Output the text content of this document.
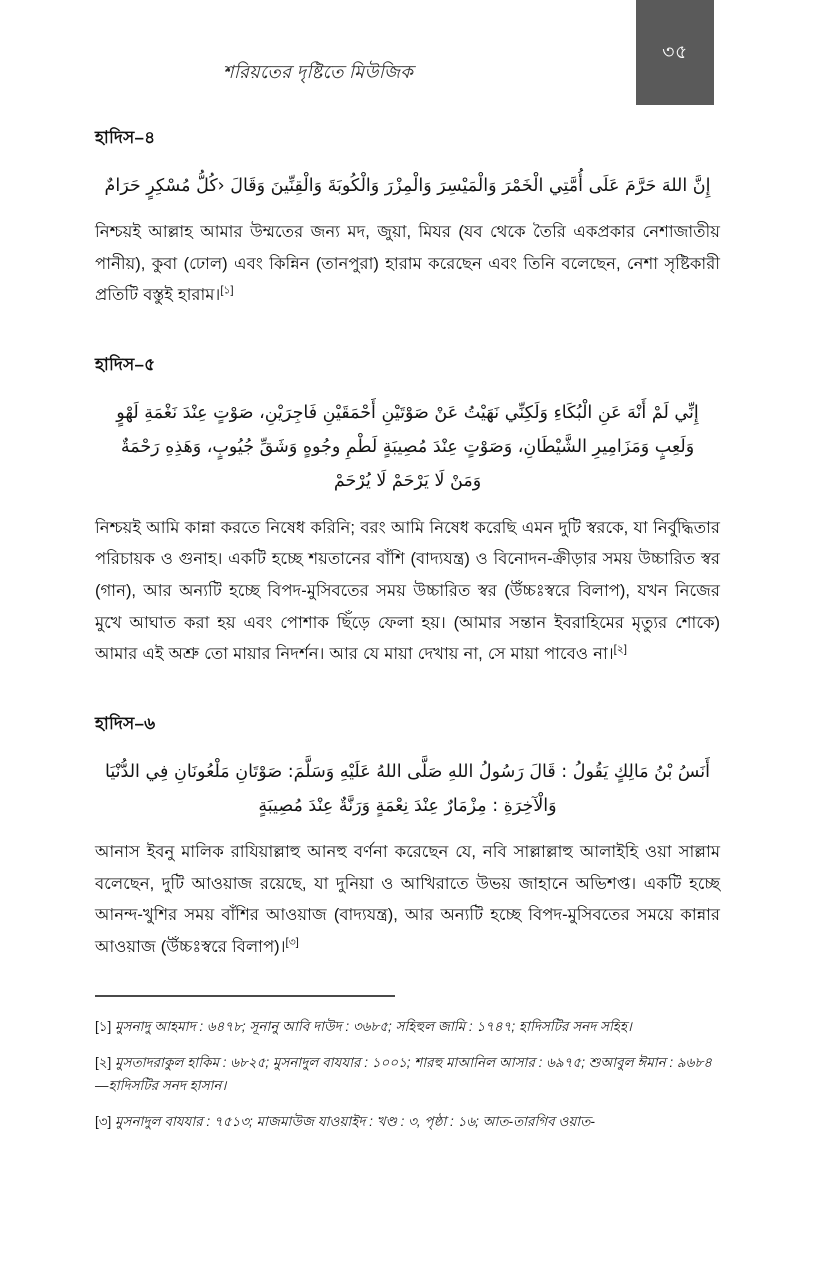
৩৫
শরিয়তের দৃষ্টিতে মিউজিক
হাদিস–৪
إِنَّ اللهَ حَرَّمَ عَلَى أُمَّتِي الْخَمْرَ وَالْمَيْسِرَ وَالْمِزْرَ وَالْكُوبَةَ وَالْقِنِّينَ وَقَالَ ‹كُلُّ مُسْكِرٍ حَرَامٌ

নিশ্চয়ই আল্লাহ আমার উম্মতের জন্য মদ, জুয়া, মিযর (যব থেকে তৈরি একপ্রকার নেশাজাতীয় পানীয়), কুবা (ঢোল) এবং কিন্নিন (তানপুরা) হারাম করেছেন এবং তিনি বলেছেন, নেশা সৃষ্টিকারী প্রতিটি বস্তুই হারাম।[১]

হাদিস–৫
إِنِّي لَمْ أَنْهَ عَنِ الْبُكَاءِ وَلَكِنِّي نَهَيْتُ عَنْ صَوْتَيْنِ أَحْمَقَيْنِ فَاجِرَيْنِ، صَوْتٍ عِنْدَ نَغْمَةِ لَهْوٍ
وَلَعِبٍ وَمَزَامِيرِ الشَّيْطَانِ، وَصَوْتٍ عِنْدَ مُصِيبَةٍ لَطْمِ وجُوهٍ وَشَقِّ جُيُوبٍ، وَهَذِهِ رَحْمَةٌ
وَمَنْ لَا يَرْحَمْ لَا يُرْحَمْ

নিশ্চয়ই আমি কান্না করতে নিষেধ করিনি; বরং আমি নিষেধ করেছি এমন দুটি স্বরকে, যা নির্বুদ্ধিতার পরিচায়ক ও গুনাহ। একটি হচ্ছে শয়তানের বাঁশি (বাদ্যযন্ত্র) ও বিনোদন-ক্রীড়ার সময় উচ্চারিত স্বর (গান), আর অন্যটি হচ্ছে বিপদ-মুসিবতের সময় উচ্চারিত স্বর (উঁচ্চঃস্বরে বিলাপ), যখন নিজের মুখে আঘাত করা হয় এবং পোশাক ছিঁড়ে ফেলা হয়। (আমার সন্তান ইবরাহিমের মৃত্যুর শোকে) আমার এই অশ্রু তো মায়ার নিদর্শন। আর যে মায়া দেখায় না, সে মায়া পাবেও না।[২]

হাদিস–৬
أَنَسُ بْنُ مَالِكٍ يَقُولُ : قَالَ رَسُولُ اللهِ صَلَّى اللهُ عَلَيْهِ وَسَلَّمَ: صَوْتَانِ مَلْعُونَانِ فِي الدُّنْيَا
وَالْآخِرَةِ : مِزْمَارٌ عِنْدَ نِعْمَةٍ وَرَنَّةٌ عِنْدَ مُصِيبَةٍ

আনাস ইবনু মালিক রাযিয়াল্লাহু আনহু বর্ণনা করেছেন যে, নবি সাল্লাল্লাহু আলাইহি ওয়া সাল্লাম বলেছেন, দুটি আওয়াজ রয়েছে, যা দুনিয়া ও আখিরাতে উভয় জাহানে অভিশপ্ত। একটি হচ্ছে আনন্দ-খুশির সময় বাঁশির আওয়াজ (বাদ্যযন্ত্র), আর অন্যটি হচ্ছে বিপদ-মুসিবতের সময়ে কান্নার আওয়াজ (উঁচ্চঃস্বরে বিলাপ)।[৩]

[১] মুসনাদু আহমাদ : ৬৪৭৮; সূনানু আবি দাউদ : ৩৬৮৫; সহিহুল জামি : ১৭৪৭; হাদিসটির সনদ সহিহ।

[২] মুসতাদরাকুল হাকিম : ৬৮২৫; মুসনাদুল বাযযার : ১০০১; শারহু মাআনিল আসার : ৬৯৭৫; শুআবুল ঈমান : ৯৬৮৪—হাদিসটির সনদ হাসান।

[৩] মুসনাদুল বাযযার : ৭৫১৩; মাজমাউজ যাওয়াইদ : খণ্ড : ৩, পৃষ্ঠা : ১৬; আত-তারগিব ওয়াত-
